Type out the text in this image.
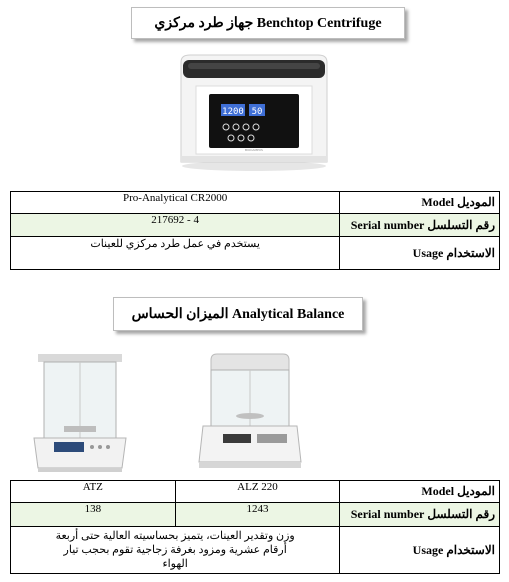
جهاز طرد مركزي Benchtop Centrifuge
1200 50
BIOCAMPUS
Pro-Analytical CR2000	الموديل Model
217692 - 4	رقم التسلسل Serial number
يستخدم في عمل طرد مركزي للعينات	الاستخدام Usage
الميزان الحساس Analytical Balance
ATZ	ALZ 220	الموديل Model
138	1243	رقم التسلسل Serial number
وزن وتقدير العينات، يتميز بحساسيته العالية حتى أربعة أرقام عشرية ومزود بغرفة زجاجية تقوم بحجب تيار الهواء		الاستخدام Usage
